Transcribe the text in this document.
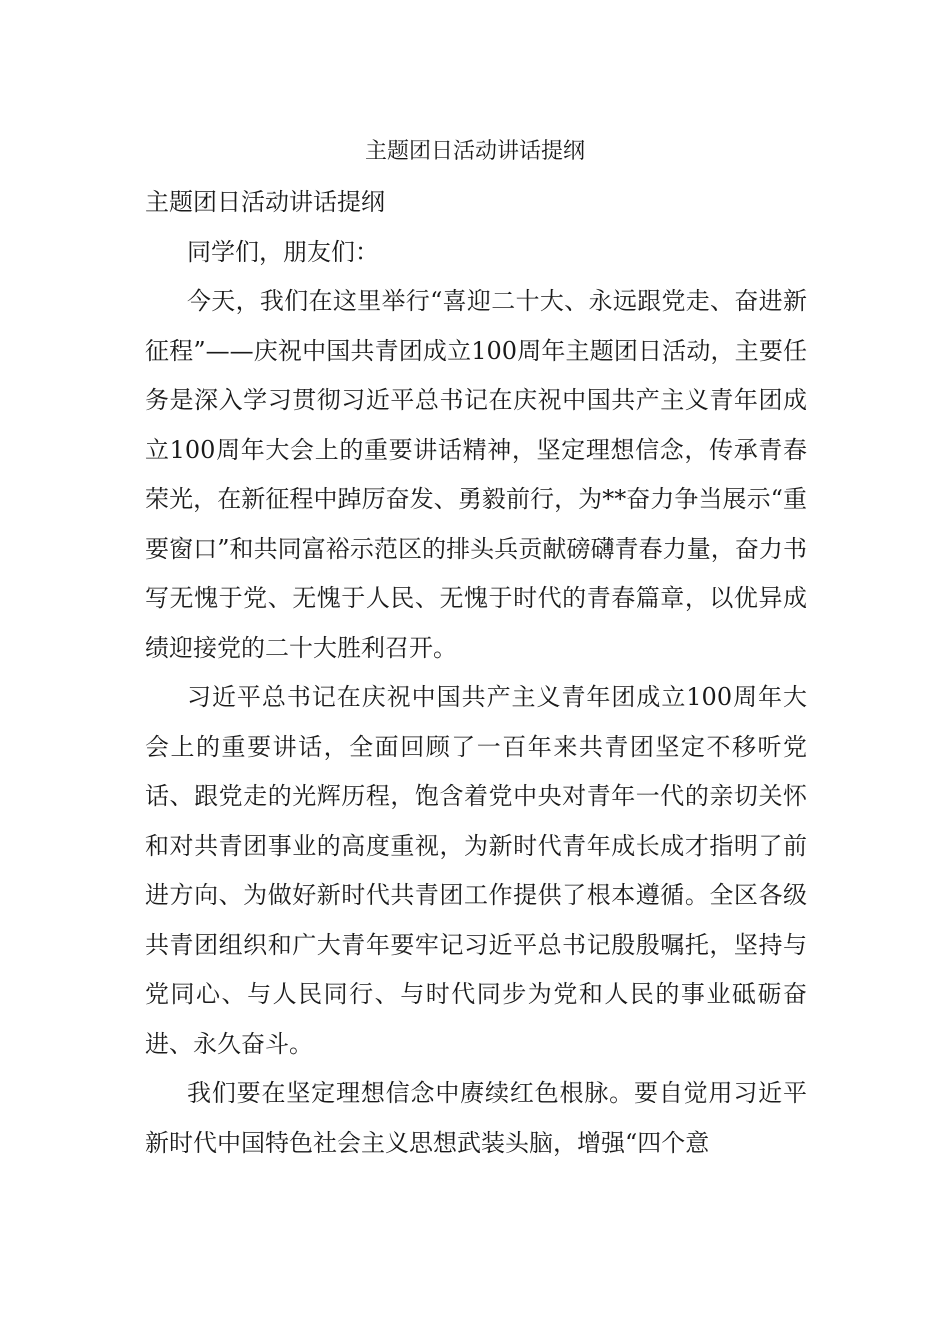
主题团日活动讲话提纲

主题团日活动讲话提纲

同学们，朋友们：

今天，我们在这里举行“喜迎二十大、永远跟党走、奋进新征程”——庆祝中国共青团成立100周年主题团日活动，主要任务是深入学习贯彻习近平总书记在庆祝中国共产主义青年团成立100周年大会上的重要讲话精神，坚定理想信念，传承青春荣光，在新征程中踔厉奋发、勇毅前行，为**奋力争当展示“重要窗口”和共同富裕示范区的排头兵贡献磅礴青春力量，奋力书写无愧于党、无愧于人民、无愧于时代的青春篇章，以优异成绩迎接党的二十大胜利召开。

习近平总书记在庆祝中国共产主义青年团成立100周年大会上的重要讲话，全面回顾了一百年来共青团坚定不移听党话、跟党走的光辉历程，饱含着党中央对青年一代的亲切关怀和对共青团事业的高度重视，为新时代青年成长成才指明了前进方向、为做好新时代共青团工作提供了根本遵循。全区各级共青团组织和广大青年要牢记习近平总书记殷殷嘱托，坚持与党同心、与人民同行、与时代同步为党和人民的事业砥砺奋进、永久奋斗。

我们要在坚定理想信念中赓续红色根脉。要自觉用习近平新时代中国特色社会主义思想武装头脑，增强“四个意
